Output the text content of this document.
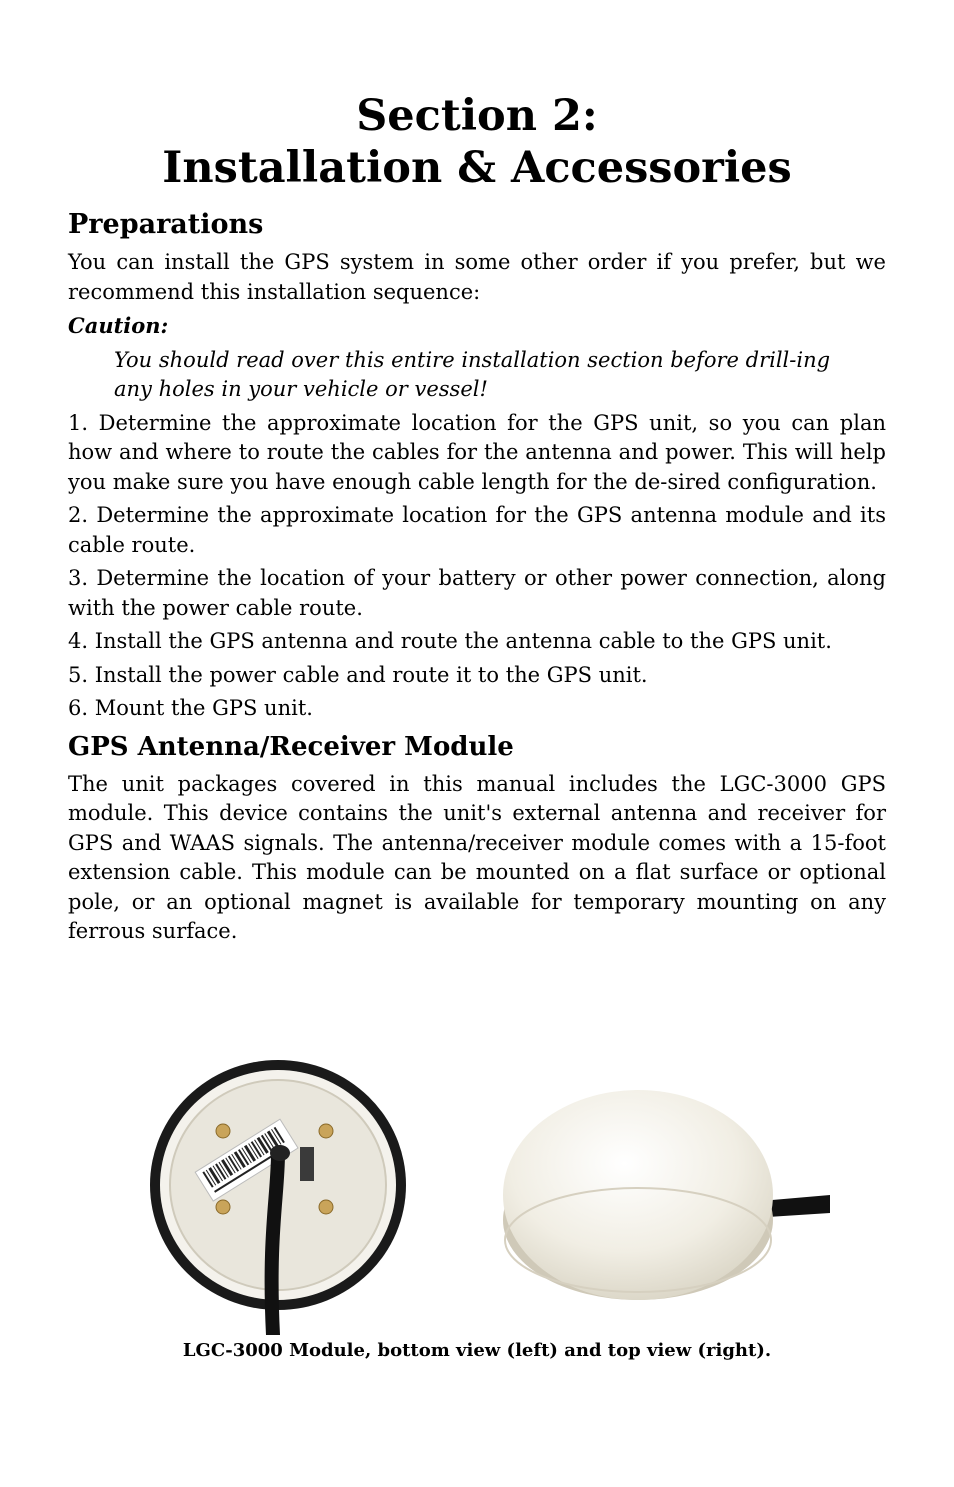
Section 2:
Installation & Accessories
Preparations

You can install the GPS system in some other order if you prefer, but we recommend this installation sequence:

Caution:

You should read over this entire installation section before drill-ing any holes in your vehicle or vessel!

1. Determine the approximate location for the GPS unit, so you can plan how and where to route the cables for the antenna and power. This will help you make sure you have enough cable length for the de-sired configuration.

2. Determine the approximate location for the GPS antenna module and its cable route.

3. Determine the location of your battery or other power connection, along with the power cable route.

4. Install the GPS antenna and route the antenna cable to the GPS unit.

5. Install the power cable and route it to the GPS unit.

6. Mount the GPS unit.

GPS Antenna/Receiver Module

The unit packages covered in this manual includes the LGC-3000 GPS module. This device contains the unit's external antenna and receiver for GPS and WAAS signals. The antenna/receiver module comes with a 15-foot extension cable. This module can be mounted on a flat surface or optional pole, or an optional magnet is available for temporary mounting on any ferrous surface.

LGC-3000 Module, bottom view (left) and top view (right).
